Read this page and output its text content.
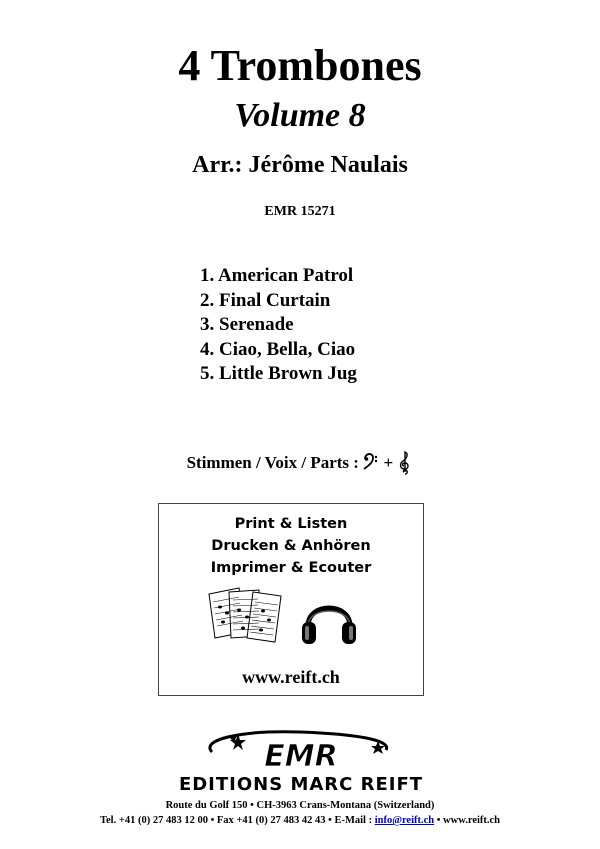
4 Trombones
Volume 8
Arr.: Jérôme Naulais
EMR 15271
1. American Patrol
2. Final Curtain
3. Serenade
4. Ciao, Bella, Ciao
5. Little Brown Jug
Stimmen / Voix / Parts : +
Print & Listen
Drucken & Anhören
Imprimer & Ecouter
www.reift.ch
EMR
EDITIONS MARC REIFT
Route du Golf 150 • CH-3963 Crans-Montana (Switzerland)
Tel. +41 (0) 27 483 12 00 • Fax +41 (0) 27 483 42 43 • E-Mail : info@reift.ch • www.reift.ch
